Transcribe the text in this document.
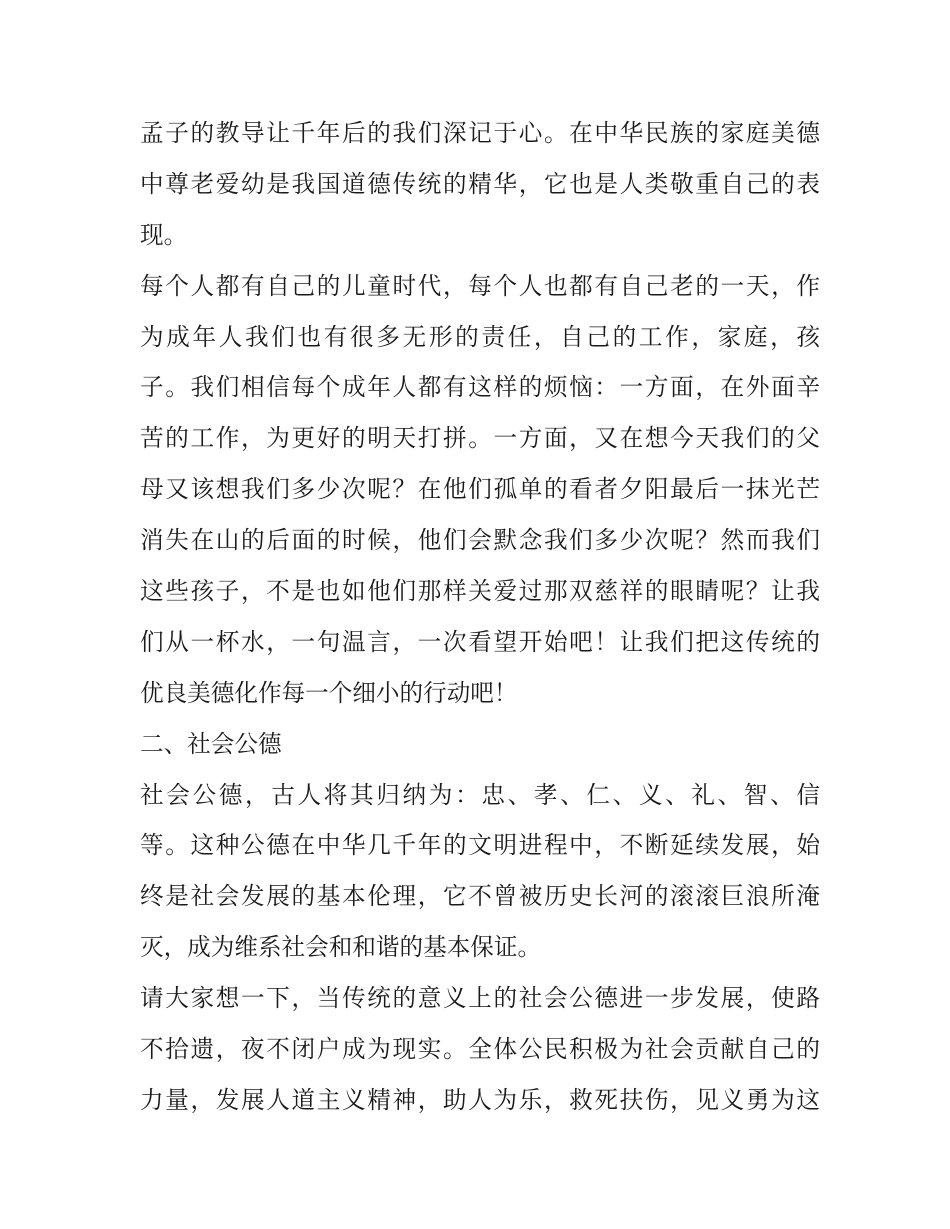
孟子的教导让千年后的我们深记于心。在中华民族的家庭美德
中尊老爱幼是我国道德传统的精华，它也是人类敬重自己的表
现。
每个人都有自己的儿童时代，每个人也都有自己老的一天，作
为成年人我们也有很多无形的责任，自己的工作，家庭，孩
子。我们相信每个成年人都有这样的烦恼：一方面，在外面辛
苦的工作，为更好的明天打拼。一方面，又在想今天我们的父
母又该想我们多少次呢？在他们孤单的看者夕阳最后一抹光芒
消失在山的后面的时候，他们会默念我们多少次呢？然而我们
这些孩子，不是也如他们那样关爱过那双慈祥的眼睛呢？让我
们从一杯水，一句温言，一次看望开始吧！让我们把这传统的
优良美德化作每一个细小的行动吧！
二、社会公德
社会公德，古人将其归纳为：忠、孝、仁、义、礼、智、信
等。这种公德在中华几千年的文明进程中，不断延续发展，始
终是社会发展的基本伦理，它不曾被历史长河的滚滚巨浪所淹
灭，成为维系社会和和谐的基本保证。
请大家想一下，当传统的意义上的社会公德进一步发展，使路
不拾遗，夜不闭户成为现实。全体公民积极为社会贡献自己的
力量，发展人道主义精神，助人为乐，救死扶伤，见义勇为这
